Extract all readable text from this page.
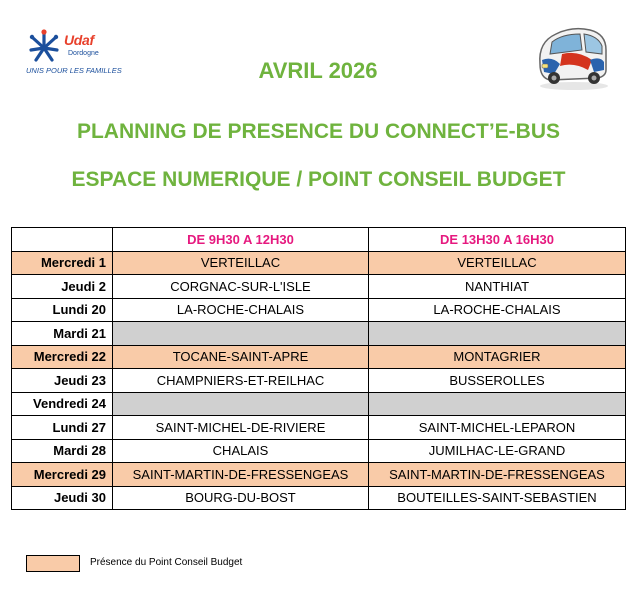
Udaf
Dordogne
UNIS POUR LES FAMILLES	AVRIL 2026
PLANNING DE PRESENCE DU CONNECT’E-BUS
ESPACE NUMERIQUE / POINT CONSEIL BUDGET
	DE 9H30 A 12H30	DE 13H30 A 16H30
Mercredi 1	VERTEILLAC	VERTEILLAC
Jeudi 2	CORGNAC-SUR-L'ISLE	NANTHIAT
Lundi 20	LA-ROCHE-CHALAIS	LA-ROCHE-CHALAIS
Mardi 21		
Mercredi 22	TOCANE-SAINT-APRE	MONTAGRIER
Jeudi 23	CHAMPNIERS-ET-REILHAC	BUSSEROLLES
Vendredi 24		
Lundi 27	SAINT-MICHEL-DE-RIVIERE	SAINT-MICHEL-LEPARON
Mardi 28	CHALAIS	JUMILHAC-LE-GRAND
Mercredi 29	SAINT-MARTIN-DE-FRESSENGEAS	SAINT-MARTIN-DE-FRESSENGEAS
Jeudi 30	BOURG-DU-BOST	BOUTEILLES-SAINT-SEBASTIEN
Présence du Point Conseil Budget
